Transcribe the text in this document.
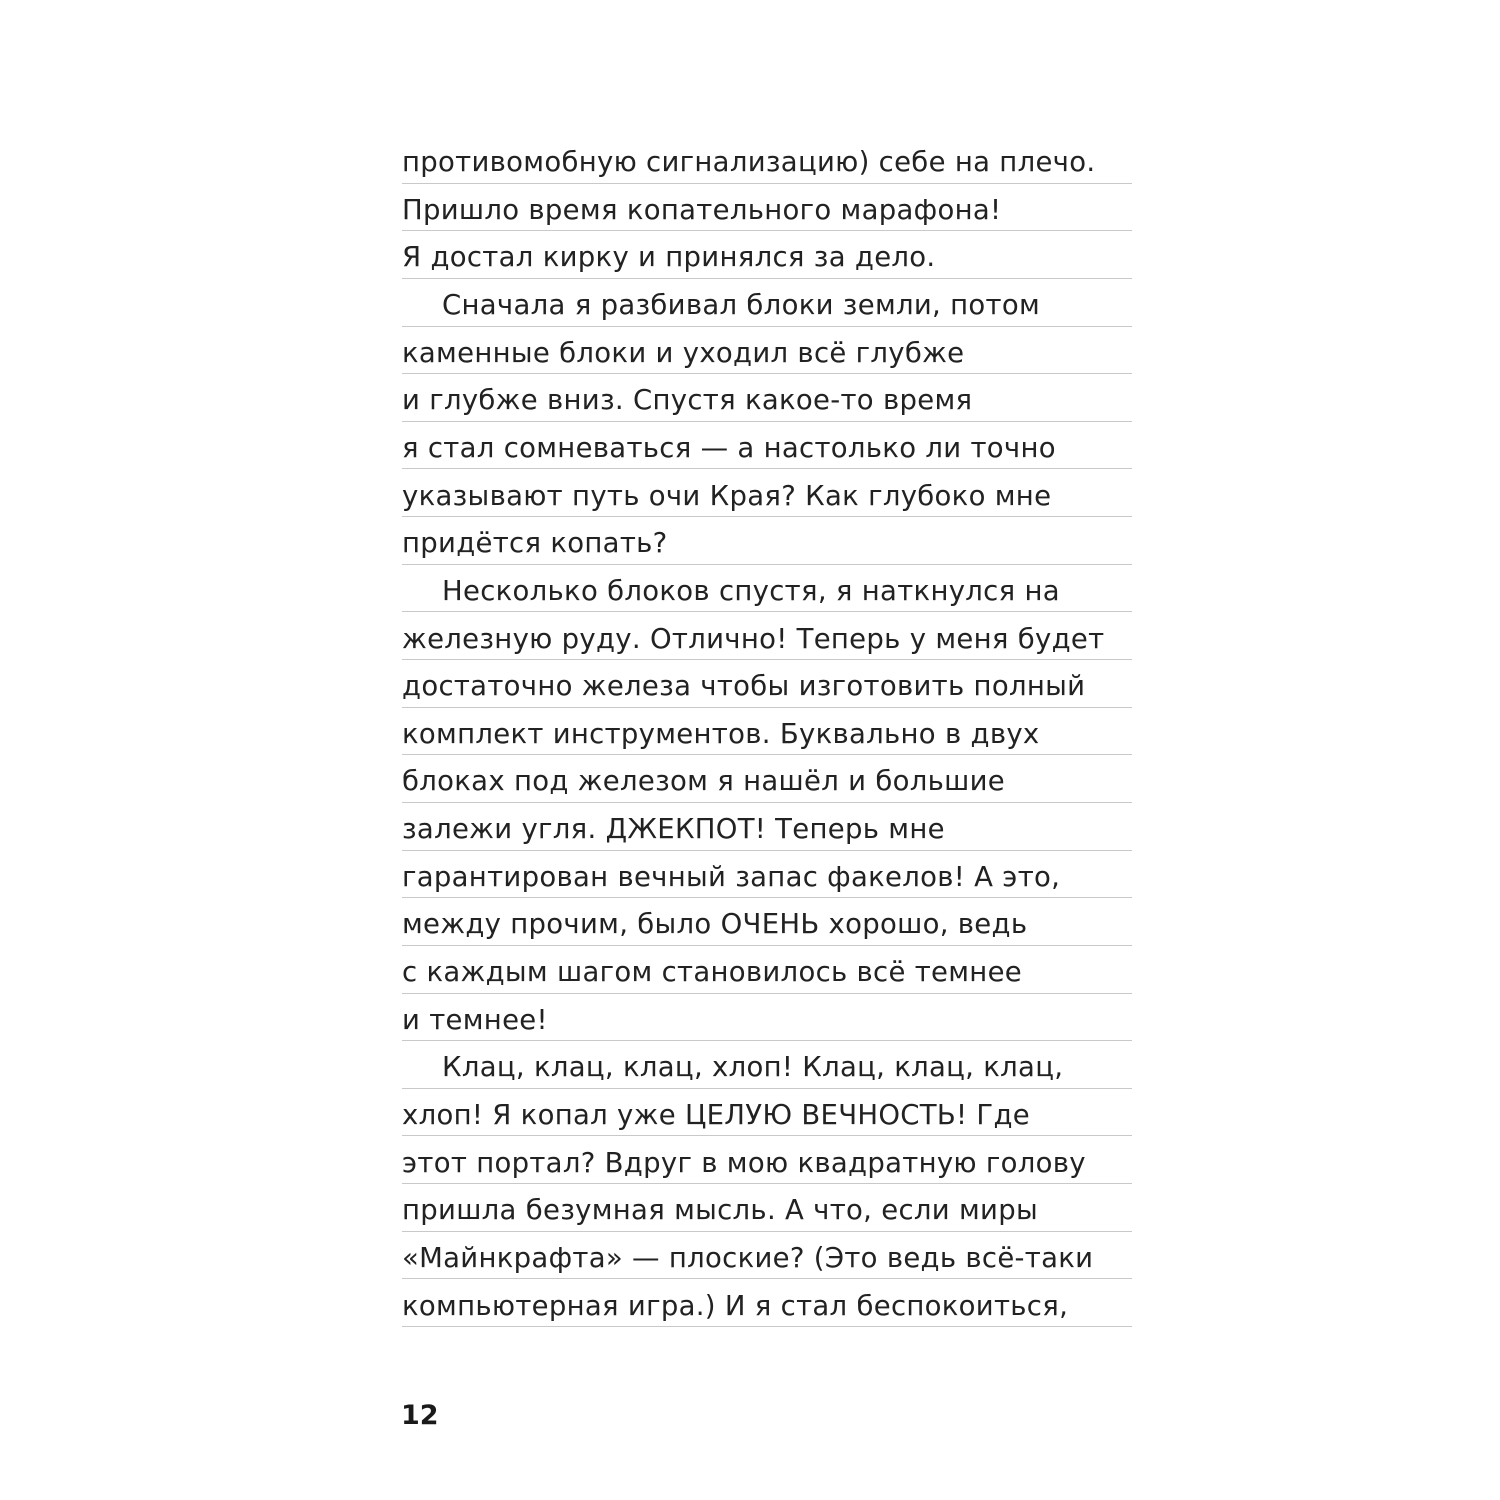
противомобную сигнализацию) себе на плечо.
Пришло время копательного марафона!
Я достал кирку и принялся за дело.
Сначала я разбивал блоки земли, потом
каменные блоки и уходил всё глубже
и глубже вниз. Спустя какое-то время
я стал сомневаться — а настолько ли точно
указывают путь очи Края? Как глубоко мне
придётся копать?
Несколько блоков спустя, я наткнулся на
железную руду. Отлично! Теперь у меня будет
достаточно железа чтобы изготовить полный
комплект инструментов. Буквально в двух
блоках под железом я нашёл и большие
залежи угля. ДЖЕКПОТ! Теперь мне
гарантирован вечный запас факелов! А это,
между прочим, было ОЧЕНЬ хорошо, ведь
с каждым шагом становилось всё темнее
и темнее!
Клац, клац, клац, хлоп! Клац, клац, клац,
хлоп! Я копал уже ЦЕЛУЮ ВЕЧНОСТЬ! Где
этот портал? Вдруг в мою квадратную голову
пришла безумная мысль. А что, если миры
«Майнкрафта» — плоские? (Это ведь всё-таки
компьютерная игра.) И я стал беспокоиться,
12
